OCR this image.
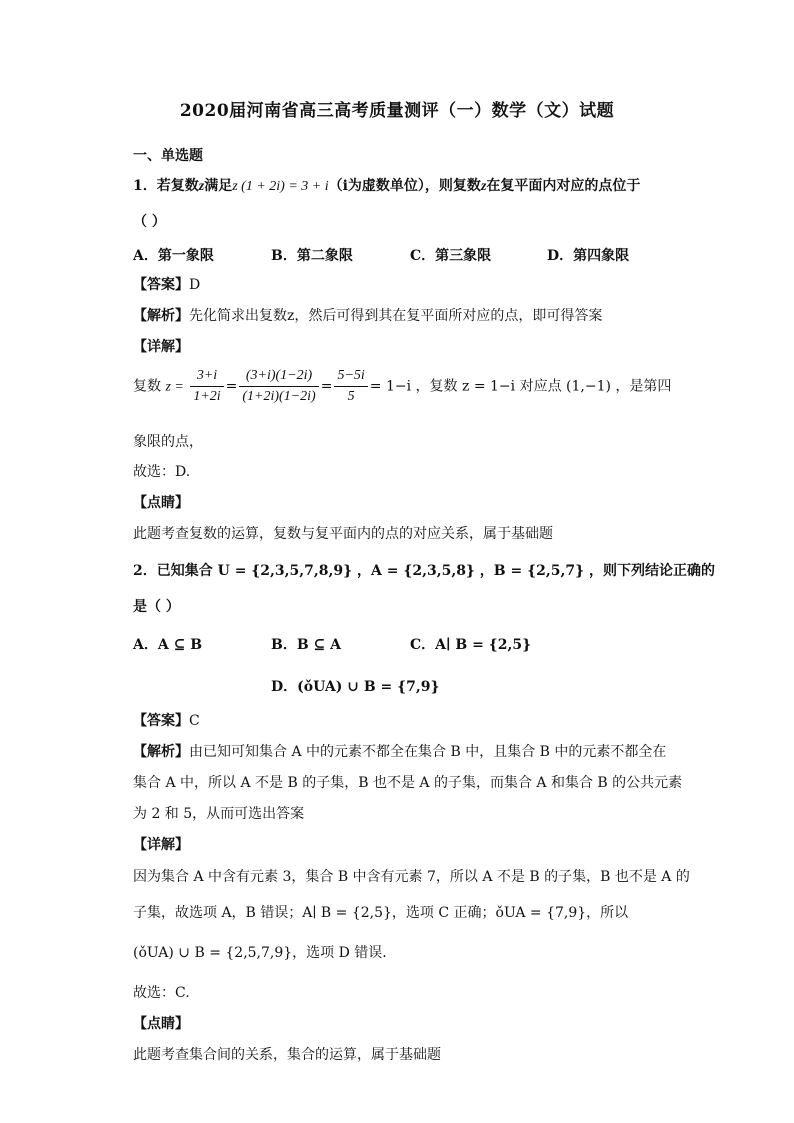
2020届河南省高三高考质量测评（一）数学（文）试题
一、单选题
1．若复数z满足z (1 + 2i) = 3 + i（i为虚数单位），则复数z在复平面内对应的点位于
（ ）
A．第一象限	B．第二象限	C．第三象限	D．第四象限
【答案】D
【解析】先化简求出复数z，然后可得到其在复平面所对应的点，即可得答案
【详解】
复数 $z = \frac{3+i}{1+2i} = \frac{(3+i)(1-2i)}{(1+2i)(1-2i)} = \frac{5-5i}{5} = 1-i$ ，复数 z = 1−i 对应点 (1,−1) ，是第四
象限的点，
故选：D.
【点睛】
此题考查复数的运算，复数与复平面内的点的对应关系，属于基础题
2．已知集合 U = {2,3,5,7,8,9} ，A = {2,3,5,8} ，B = {2,5,7} ，则下列结论正确的
是（ ）
A．A ⊆ B	B．B ⊆ A	C．A∣ B = {2,5}
D．(ǒUA) ∪ B = {7,9}
【答案】C
【解析】由已知可知集合 A 中的元素不都全在集合 B 中，且集合 B 中的元素不都全在
集合 A 中，所以 A 不是 B 的子集，B 也不是 A 的子集，而集合 A 和集合 B 的公共元素
为 2 和 5，从而可选出答案
【详解】
因为集合 A 中含有元素 3，集合 B 中含有元素 7，所以 A 不是 B 的子集，B 也不是 A 的
子集，故选项 A，B 错误；A∣ B = {2,5}，选项 C 正确；ǒUA = {7,9}，所以
(ǒUA) ∪ B = {2,5,7,9}，选项 D 错误.
故选：C.
【点睛】
此题考查集合间的关系，集合的运算，属于基础题
